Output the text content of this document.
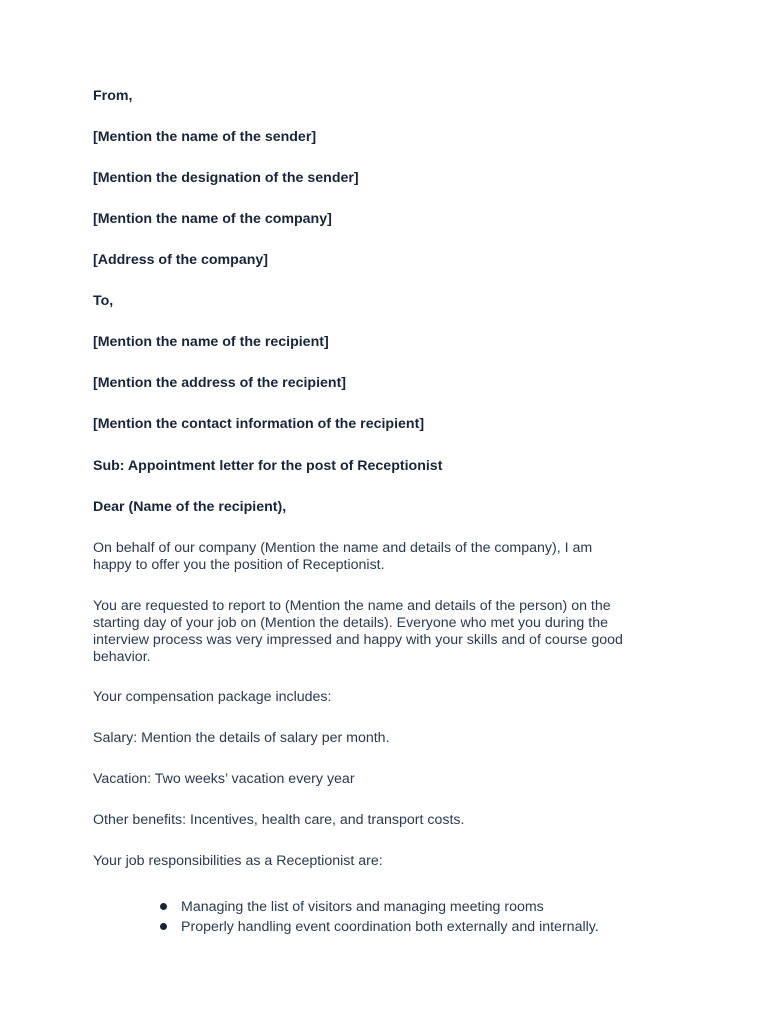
From,
[Mention the name of the sender]
[Mention the designation of the sender]
[Mention the name of the company]
[Address of the company]
To,
[Mention the name of the recipient]
[Mention the address of the recipient]
[Mention the contact information of the recipient]
Sub: Appointment letter for the post of Receptionist
Dear (Name of the recipient),
On behalf of our company (Mention the name and details of the company), I am
happy to offer you the position of Receptionist.
You are requested to report to (Mention the name and details of the person) on the
starting day of your job on (Mention the details). Everyone who met you during the
interview process was very impressed and happy with your skills and of course good
behavior.
Your compensation package includes:
Salary: Mention the details of salary per month.
Vacation: Two weeks’ vacation every year
Other benefits: Incentives, health care, and transport costs.
Your job responsibilities as a Receptionist are:
Managing the list of visitors and managing meeting rooms
Properly handling event coordination both externally and internally.
